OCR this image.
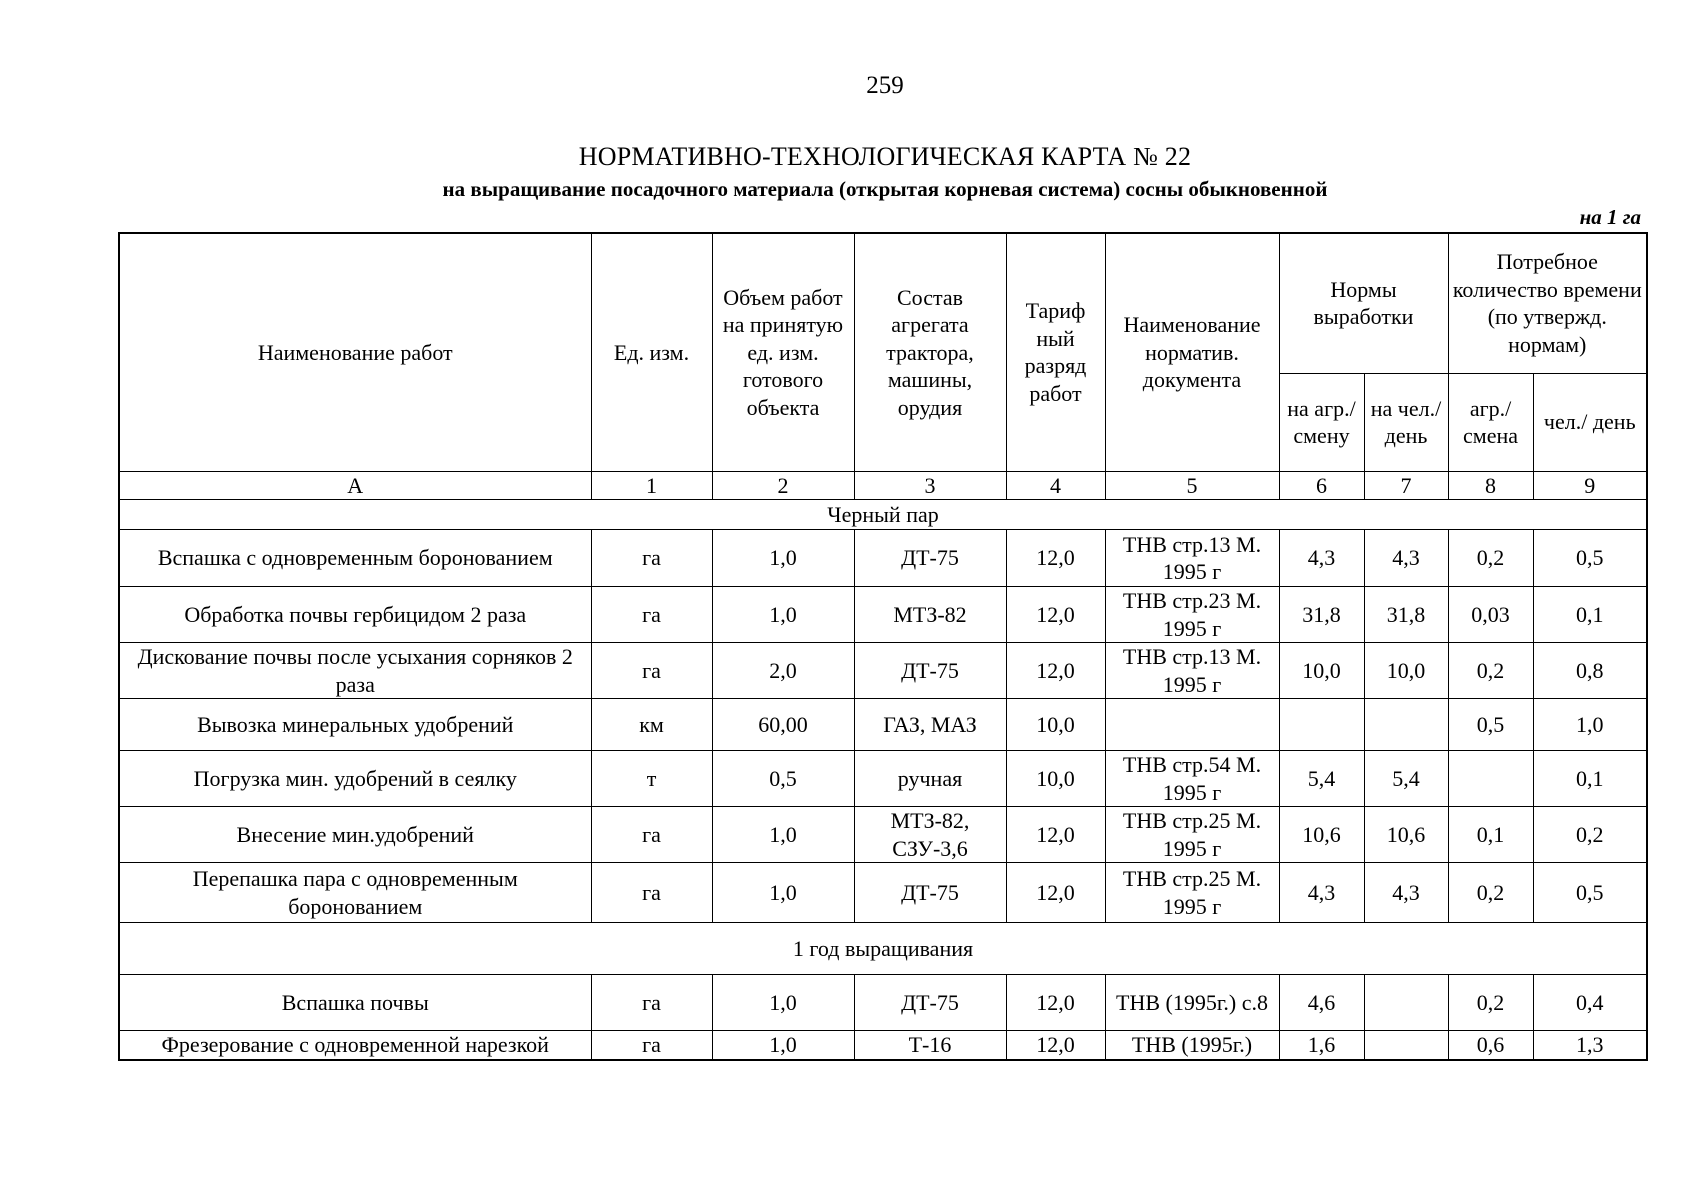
259
НОРМАТИВНО-ТЕХНОЛОГИЧЕСКАЯ КАРТА № 22
на выращивание посадочного материала (открытая корневая система) сосны обыкновенной
на 1 га
Наименование работ	Ед. изм.	Объем работ на принятую ед. изм. готового объекта	Состав агрегата трактора, машины, орудия	Тариф ный разряд работ	Наименование норматив. документа	Нормы выработки		Потребное количество времени (по утвержд. нормам)	
						на агр./ смену	на чел./ день	агр./ смена	чел./ день
А	1	2	3	4	5	6	7	8	9
Черный пар									
Вспашка с одновременным боронованием	га	1,0	ДТ-75	12,0	ТНВ стр.13 М. 1995 г	4,3	4,3	0,2	0,5
Обработка почвы гербицидом 2 раза	га	1,0	МТЗ-82	12,0	ТНВ стр.23 М. 1995 г	31,8	31,8	0,03	0,1
Дискование почвы после усыхания сорняков 2 раза	га	2,0	ДТ-75	12,0	ТНВ стр.13 М. 1995 г	10,0	10,0	0,2	0,8
Вывозка минеральных удобрений	км	60,00	ГАЗ, МАЗ	10,0				0,5	1,0
Погрузка мин. удобрений в сеялку	т	0,5	ручная	10,0	ТНВ стр.54 М. 1995 г	5,4	5,4		0,1
Внесение мин.удобрений	га	1,0	МТЗ-82, СЗУ-3,6	12,0	ТНВ стр.25 М. 1995 г	10,6	10,6	0,1	0,2
Перепашка пара с одновременным боронованием	га	1,0	ДТ-75	12,0	ТНВ стр.25 М. 1995 г	4,3	4,3	0,2	0,5
1 год выращивания									
Вспашка почвы	га	1,0	ДТ-75	12,0	ТНВ (1995г.) с.8	4,6		0,2	0,4
Фрезерование с одновременной нарезкой	га	1,0	Т-16	12,0	ТНВ (1995г.)	1,6		0,6	1,3
